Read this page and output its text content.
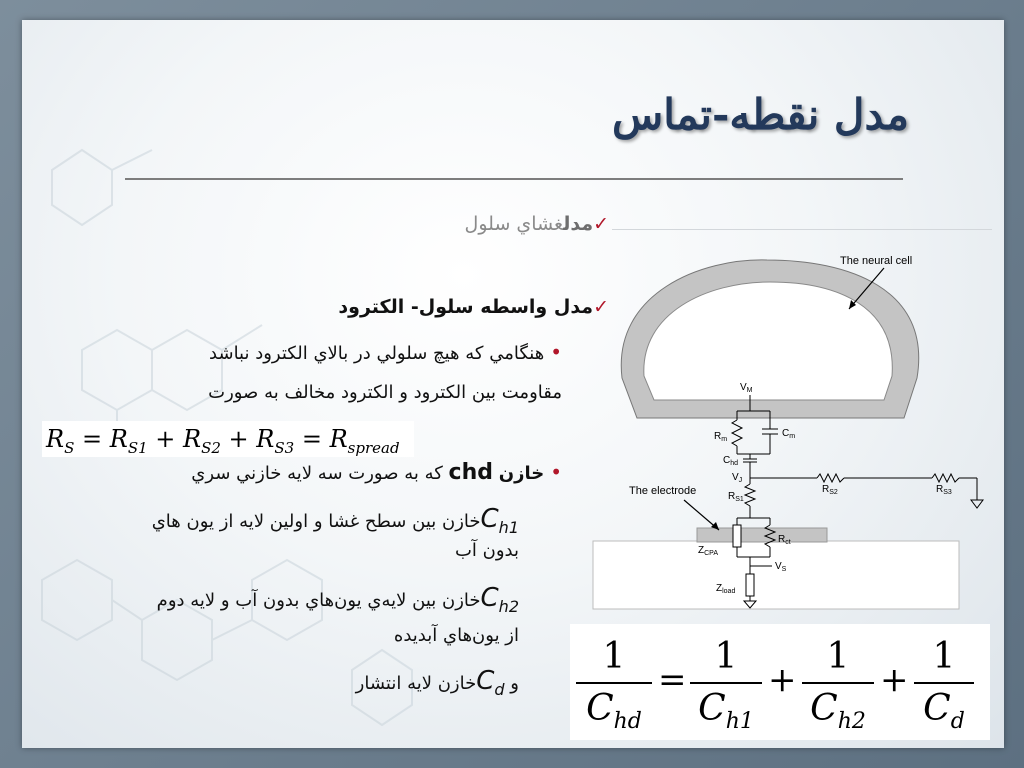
مدل نقطه-تماس
✓مدلغشاي سلول
✓مدل واسطه سلول- الكترود
•هنگامي كه هيچ سلولي در بالاي الكترود نباشد
مقاومت بين الكترود و الكترود مخالف به صورت
$R_S = R_{S1} + R_{S2} + R_{S3} = R_{spread}$
•خازن chd كه به صورت سه لايه خازني سري
$C_{h1}خازن$ بين سطح غشا و اولين لايه از يون هاي
بدون آب
$C_{h2}خازن$ بين لايه‌ي يون‌هاي بدون آب و لايه دوم
از يون‌هاي آبديده
و $C_dخازن$ لايه انتشار
The neural cell
$V_M$
$R_m$
$C_m$
$C_{hd}$
$V_J$
$R_{S2}$	$R_{S3}$
$R_{S1}$
The electrode
$Z_{CPA}$
$R_{ct}$
$V_S$
$Z_{load}$
1
$C_{hd}$
=
1
$C_{h1}$
+
1
$C_{h2}$
+
1
$C_d$
